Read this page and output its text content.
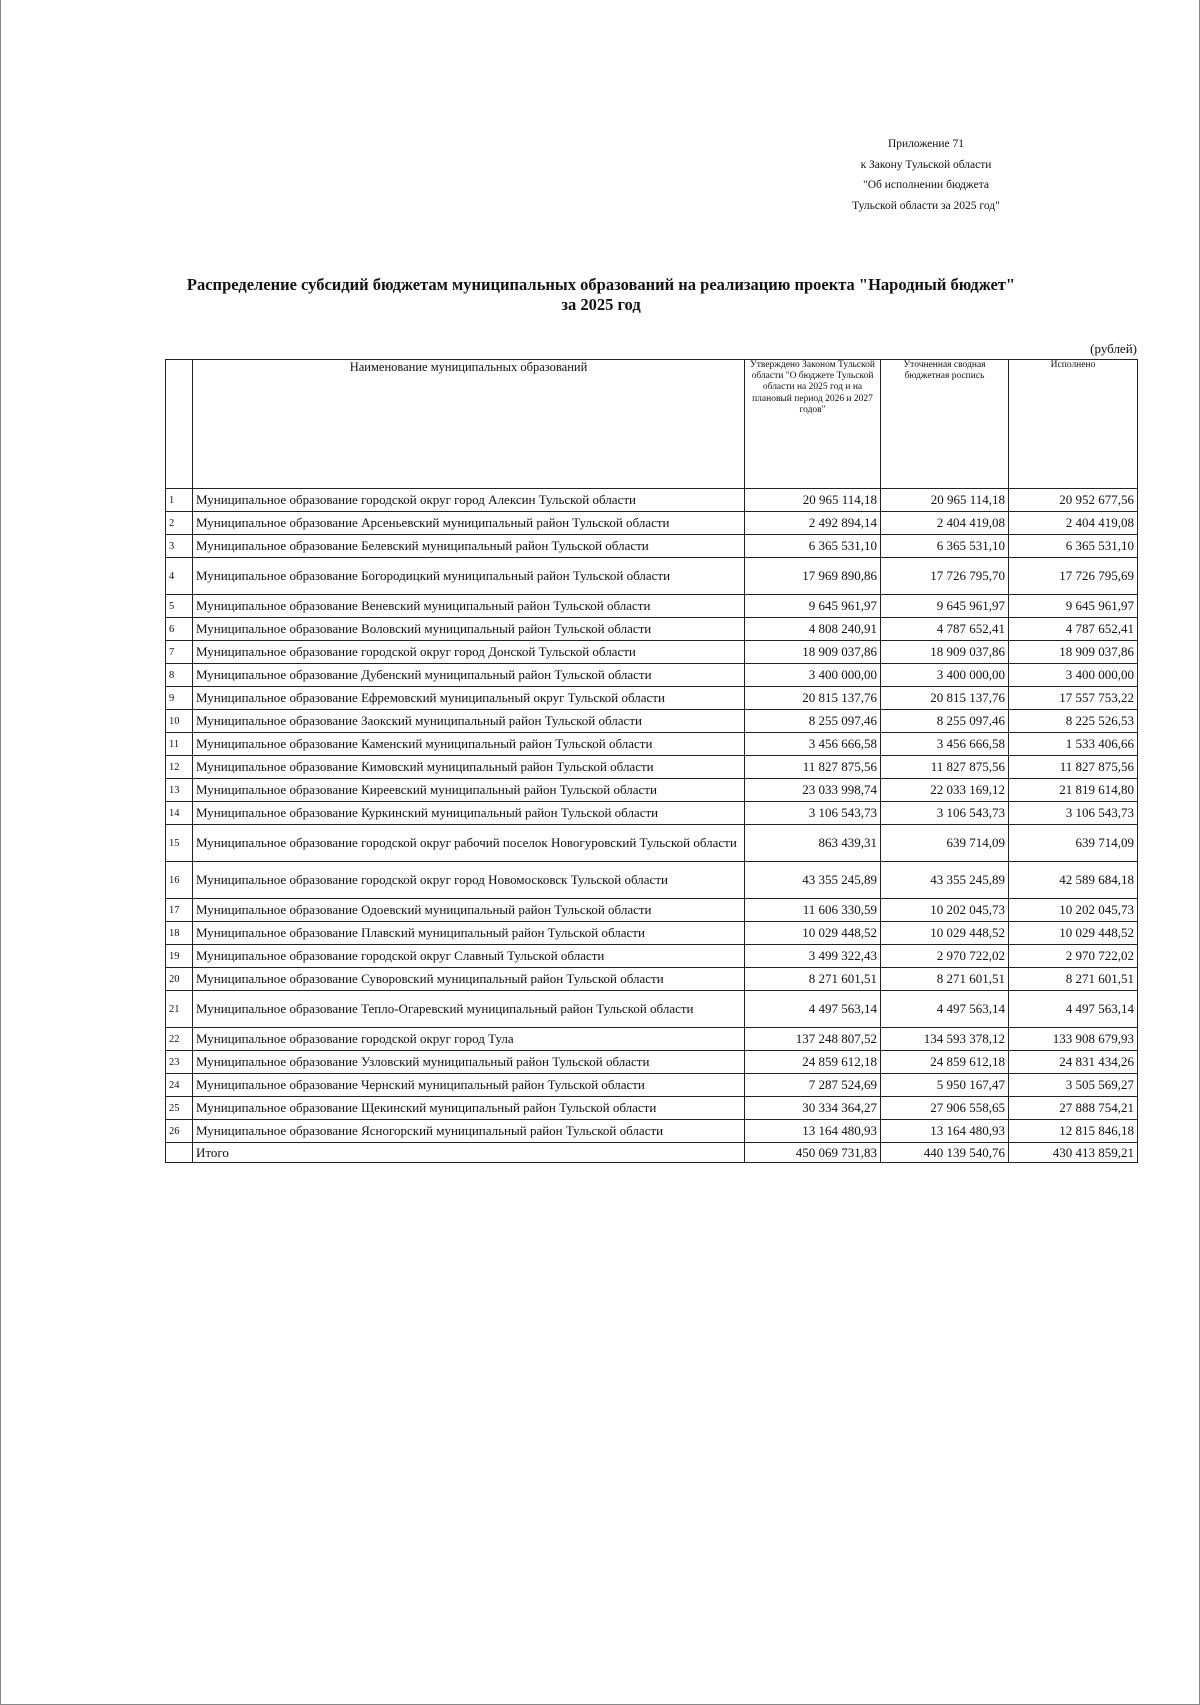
Приложение 71
к Закону Тульской области
"Об исполнении бюджета
Тульской области за 2025 год"
Распределение субсидий бюджетам муниципальных образований на реализацию проекта "Народный бюджет"
за 2025 год
(рублей)
	Наименование муниципальных образований	Утверждено Законом Тульской области "О бюджете Тульской области на 2025 год и на плановый период 2026 и 2027 годов"	Уточненная сводная бюджетная роспись	Исполнено
1	Муниципальное образование городской округ город Алексин Тульской области	20 965 114,18	20 965 114,18	20 952 677,56
2	Муниципальное образование Арсеньевский муниципальный район Тульской области	2 492 894,14	2 404 419,08	2 404 419,08
3	Муниципальное образование Белевский муниципальный район Тульской области	6 365 531,10	6 365 531,10	6 365 531,10
4	Муниципальное образование Богородицкий муниципальный район Тульской области	17 969 890,86	17 726 795,70	17 726 795,69
5	Муниципальное образование Веневский муниципальный район Тульской области	9 645 961,97	9 645 961,97	9 645 961,97
6	Муниципальное образование Воловский муниципальный район Тульской области	4 808 240,91	4 787 652,41	4 787 652,41
7	Муниципальное образование городской округ город Донской Тульской области	18 909 037,86	18 909 037,86	18 909 037,86
8	Муниципальное образование Дубенский муниципальный район Тульской области	3 400 000,00	3 400 000,00	3 400 000,00
9	Муниципальное образование Ефремовский муниципальный округ Тульской области	20 815 137,76	20 815 137,76	17 557 753,22
10	Муниципальное образование Заокский муниципальный район Тульской области	8 255 097,46	8 255 097,46	8 225 526,53
11	Муниципальное образование Каменский муниципальный район Тульской области	3 456 666,58	3 456 666,58	1 533 406,66
12	Муниципальное образование Кимовский муниципальный район Тульской области	11 827 875,56	11 827 875,56	11 827 875,56
13	Муниципальное образование Киреевский муниципальный район Тульской области	23 033 998,74	22 033 169,12	21 819 614,80
14	Муниципальное образование Куркинский муниципальный район Тульской области	3 106 543,73	3 106 543,73	3 106 543,73
15	Муниципальное образование городской округ рабочий поселок Новогуровский Тульской области	863 439,31	639 714,09	639 714,09
16	Муниципальное образование городской округ город Новомосковск Тульской области	43 355 245,89	43 355 245,89	42 589 684,18
17	Муниципальное образование Одоевский муниципальный район Тульской области	11 606 330,59	10 202 045,73	10 202 045,73
18	Муниципальное образование Плавский муниципальный район Тульской области	10 029 448,52	10 029 448,52	10 029 448,52
19	Муниципальное образование городской округ Славный Тульской области	3 499 322,43	2 970 722,02	2 970 722,02
20	Муниципальное образование Суворовский муниципальный район Тульской области	8 271 601,51	8 271 601,51	8 271 601,51
21	Муниципальное образование Тепло-Огаревский муниципальный район Тульской области	4 497 563,14	4 497 563,14	4 497 563,14
22	Муниципальное образование городской округ город Тула	137 248 807,52	134 593 378,12	133 908 679,93
23	Муниципальное образование Узловский муниципальный район Тульской области	24 859 612,18	24 859 612,18	24 831 434,26
24	Муниципальное образование Чернский муниципальный район Тульской области	7 287 524,69	5 950 167,47	3 505 569,27
25	Муниципальное образование Щекинский муниципальный район Тульской области	30 334 364,27	27 906 558,65	27 888 754,21
26	Муниципальное образование Ясногорский муниципальный район Тульской области	13 164 480,93	13 164 480,93	12 815 846,18
	Итого	450 069 731,83	440 139 540,76	430 413 859,21
